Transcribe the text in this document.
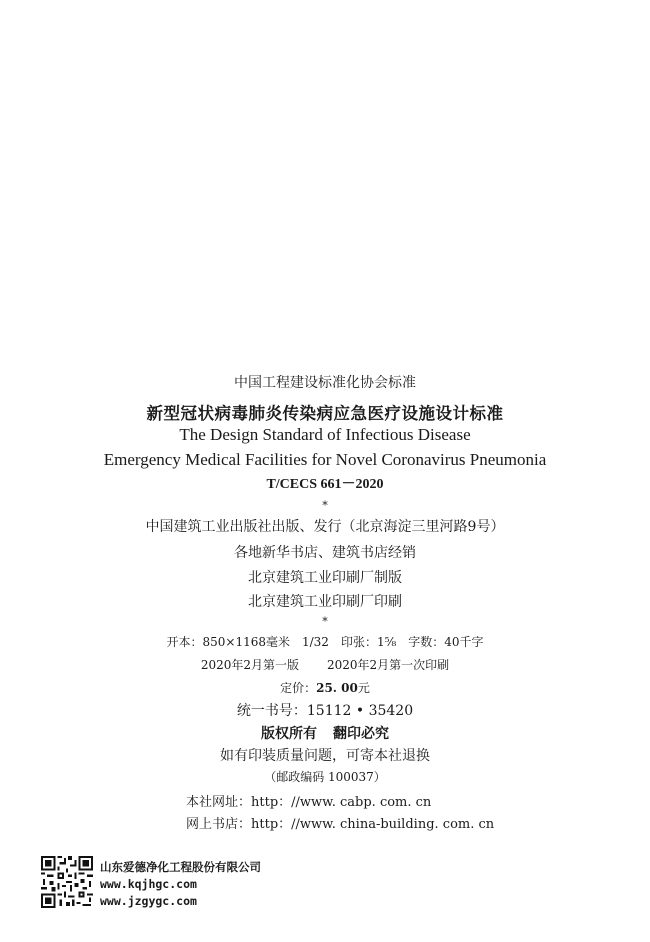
中国工程建设标准化协会标准
新型冠状病毒肺炎传染病应急医疗设施设计标准
The Design Standard of Infectious Disease
Emergency Medical Facilities for Novel Coronavirus Pneumonia
T/CECS 661－2020
*
中国建筑工业出版社出版、发行（北京海淀三里河路9号）
各地新华书店、建筑书店经销
北京建筑工业印刷厂制版
北京建筑工业印刷厂印刷
*
开本：850×1168毫米　1/32　印张：1⅝　字数：40千字
2020年2月第一版 2020年2月第一次印刷
定价：25. 00元
统一书号：15112 • 35420
版权所有 翻印必究
如有印装质量问题，可寄本社退换
（邮政编码 100037）
本社网址：http：//www. cabp. com. cn
网上书店：http：//www. china-building. com. cn
山东爱德净化工程股份有限公司
www.kqjhgc.com
www.jzgygc.com
